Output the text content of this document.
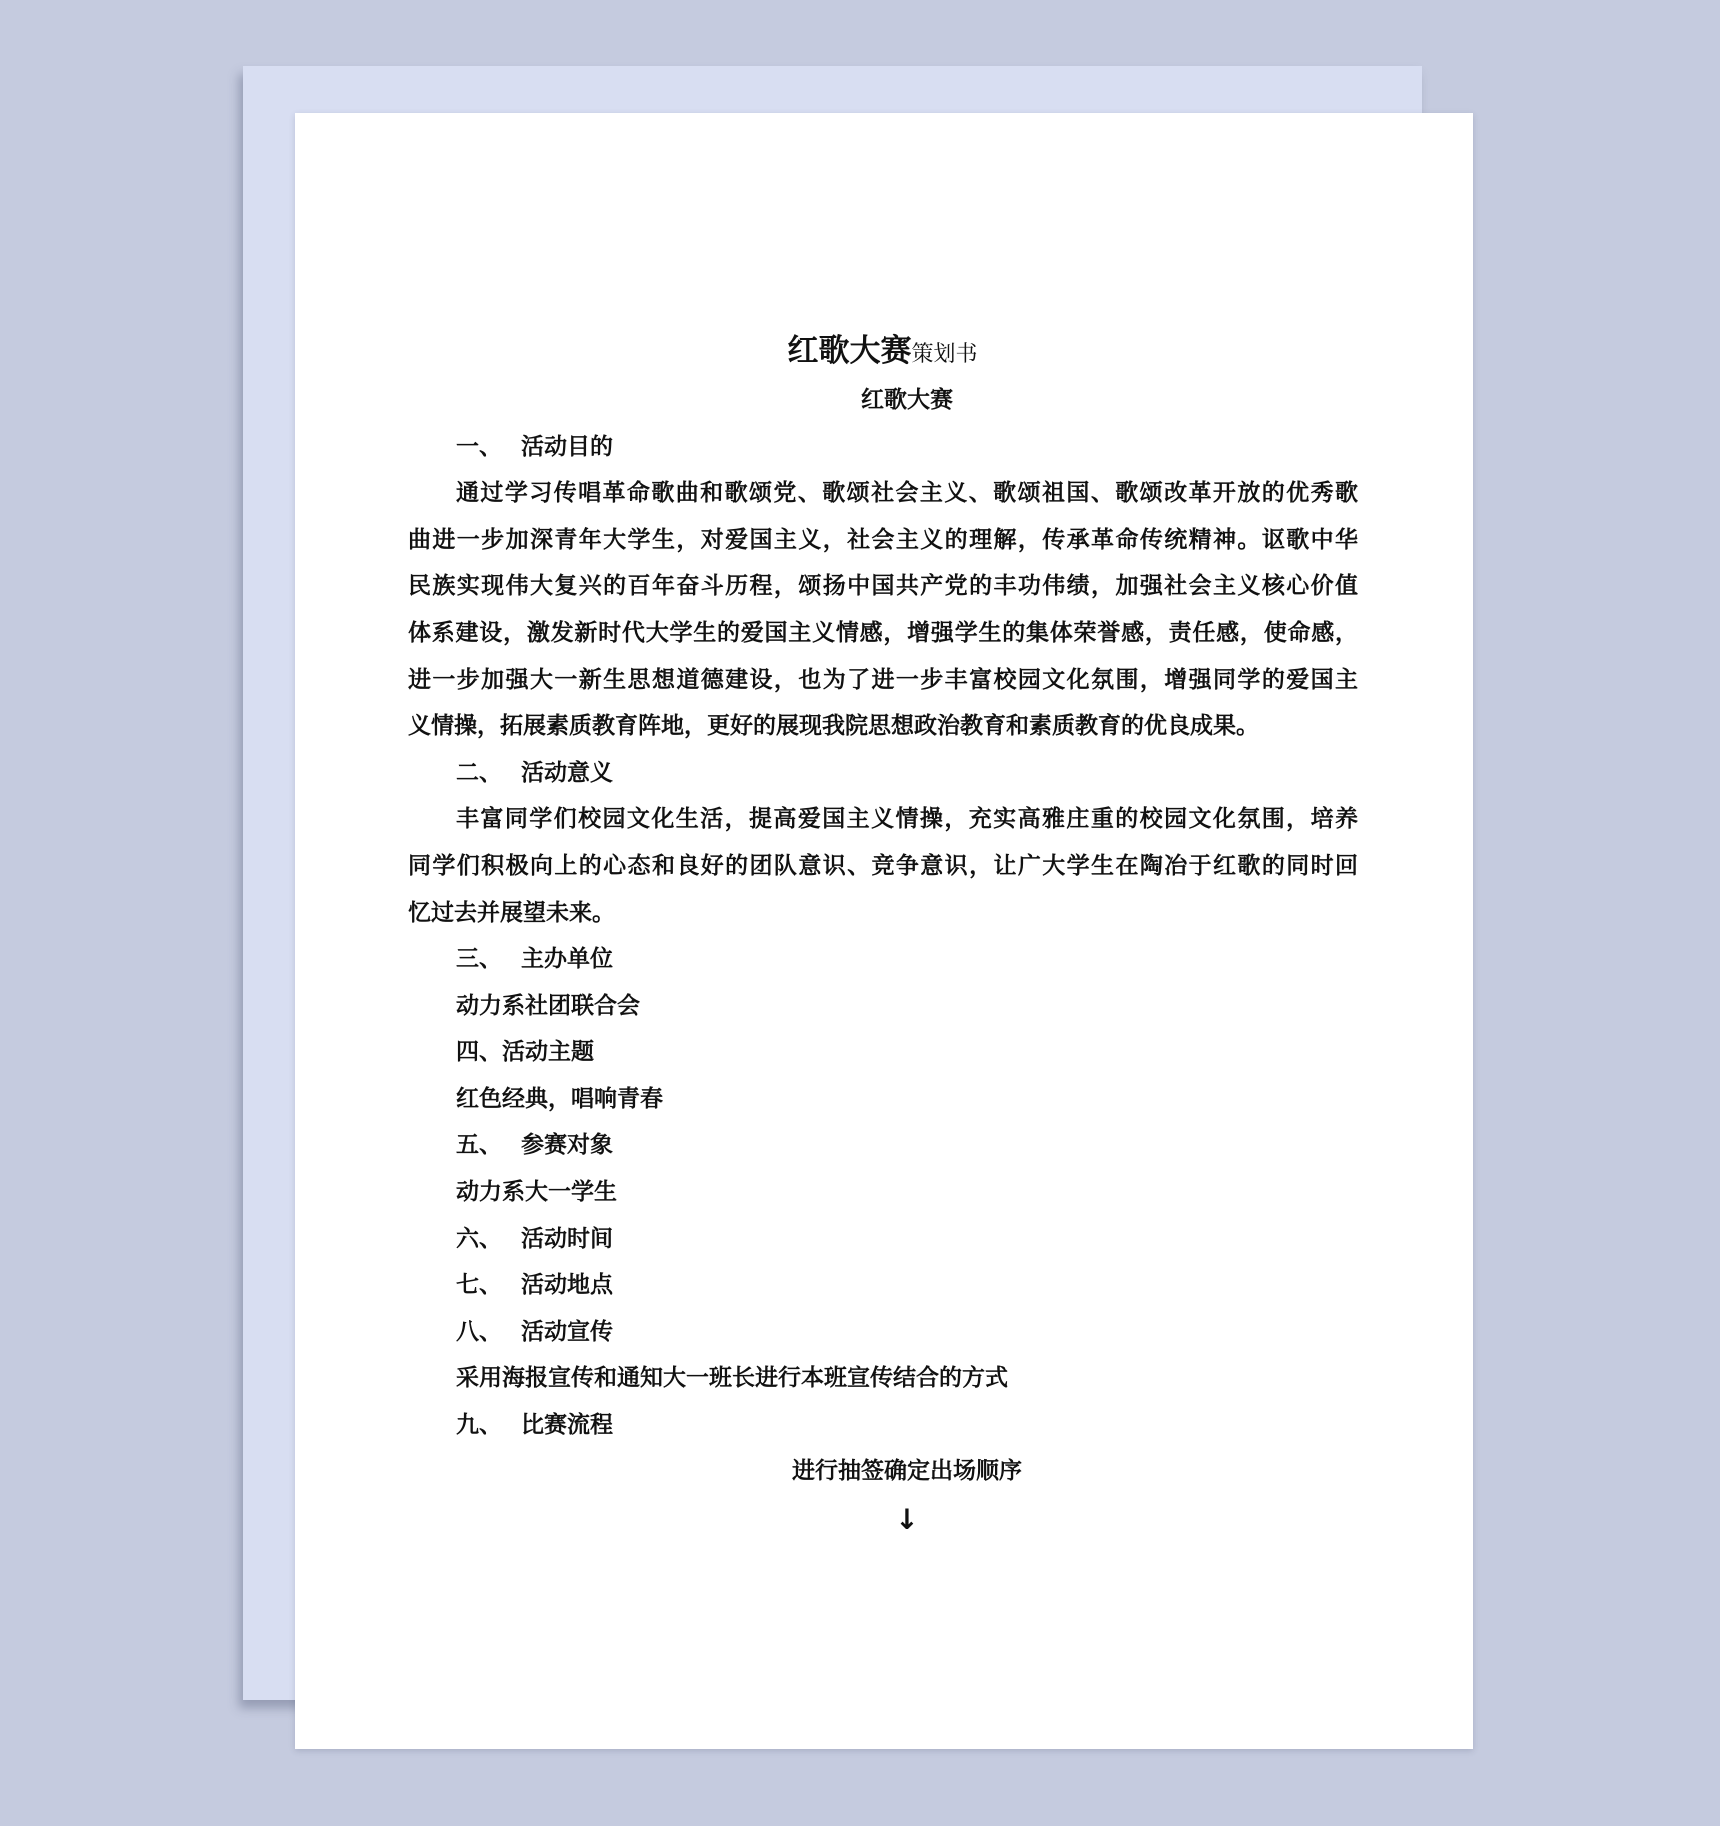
红歌大赛策划书
红歌大赛
一、 活动目的
通过学习传唱革命歌曲和歌颂党、歌颂社会主义、歌颂祖国、歌颂改革开放的优秀歌
曲进一步加深青年大学生，对爱国主义，社会主义的理解，传承革命传统精神。讴歌中华
民族实现伟大复兴的百年奋斗历程，颂扬中国共产党的丰功伟绩，加强社会主义核心价值
体系建设，激发新时代大学生的爱国主义情感，增强学生的集体荣誉感，责任感，使命感，
进一步加强大一新生思想道德建设，也为了进一步丰富校园文化氛围，增强同学的爱国主
义情操，拓展素质教育阵地，更好的展现我院思想政治教育和素质教育的优良成果。
二、 活动意义
丰富同学们校园文化生活，提高爱国主义情操，充实高雅庄重的校园文化氛围，培养
同学们积极向上的心态和良好的团队意识、竞争意识，让广大学生在陶冶于红歌的同时回
忆过去并展望未来。
三、 主办单位
动力系社团联合会
四、活动主题
红色经典，唱响青春
五、 参赛对象
动力系大一学生
六、 活动时间
七、 活动地点
八、 活动宣传
采用海报宣传和通知大一班长进行本班宣传结合的方式
九、 比赛流程
进行抽签确定出场顺序
↓
